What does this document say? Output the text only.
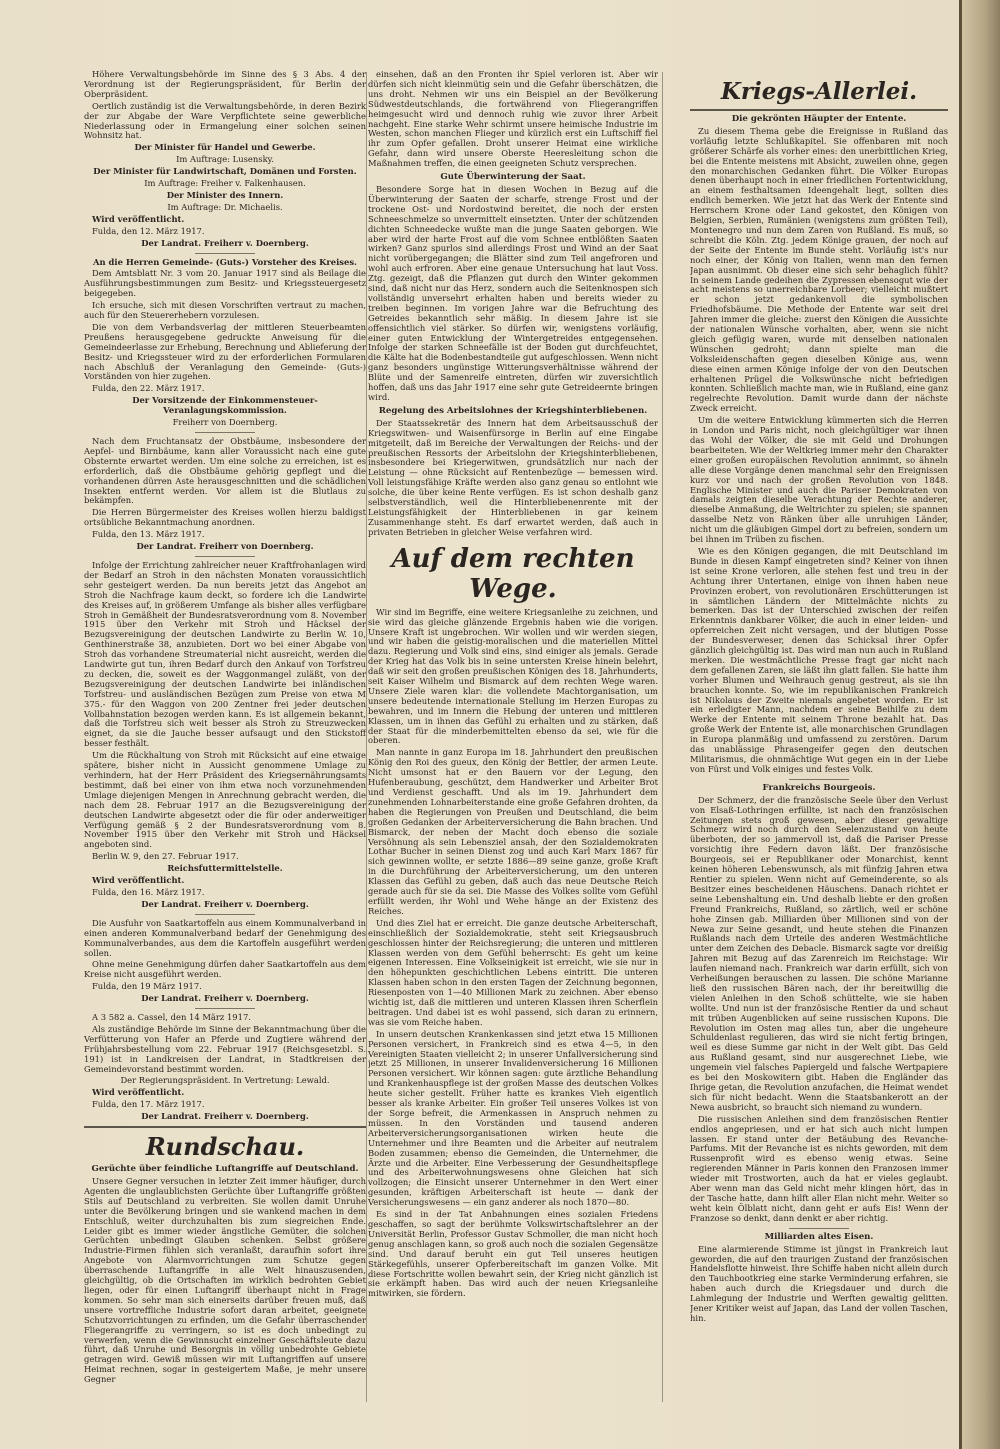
Höhere Verwaltungsbehörde im Sinne des § 3 Abs. 4 der Verordnung ist der Regierungspräsident, für Berlin der Oberpräsident.

Oertlich zuständig ist die Verwaltungsbehörde, in deren Bezirk der zur Abgabe der Ware Verpflichtete seine gewerbliche Niederlassung oder in Ermangelung einer solchen seinen Wohnsitz hat.

Der Minister für Handel und Gewerbe.

Im Auftrage: Lusensky.

Der Minister für Landwirtschaft, Domänen und Forsten.

Im Auftrage: Freiher v. Falkenhausen.

Der Minister des Innern.

Im Auftrage: Dr. Michaelis.

Wird veröffentlicht.

Fulda, den 12. März 1917.

Der Landrat. Freiherr v. Doernberg.

An die Herren Gemeinde- (Guts-) Vorsteher des Kreises.

Dem Amtsblatt Nr. 3 vom 20. Januar 1917 sind als Beilage die Ausführungsbestimmungen zum Besitz- und Kriegssteuergesetz beigegeben.

Ich ersuche, sich mit diesen Vorschriften vertraut zu machen, auch für den Steuererhebern vorzulesen.

Die von dem Verbandsverlag der mittleren Steuerbeamten Preußens herausgegebene gedruckte Anweisung für die Gemeindeerlasse zur Erhebung, Berechnung und Ablieferung der Besitz- und Kriegssteuer wird zu der erforderlichen Formularen nach Abschluß der Veranlagung den Gemeinde- (Guts-) Vorständen von hier zugehen.

Fulda, den 22. März 1917.

Der Vorsitzende der Einkommensteuer-Veranlagungskommission.

Freiherr von Doernberg.

Nach dem Fruchtansatz der Obstbäume, insbesondere der Aepfel- und Birnbäume, kann aller Voraussicht nach eine gute Obsternte erwartet werden. Um eine solche zu erreichen, ist es erforderlich, daß die Obstbäume gehörig gepflegt und die vorhandenen dürren Aste herausgeschnitten und die schädlichen Insekten entfernt werden. Vor allem ist die Blutlaus zu bekämpfen.

Die Herren Bürgermeister des Kreises wollen hierzu baldigst ortsübliche Bekanntmachung anordnen.

Fulda, den 13. März 1917.

Der Landrat. Freiherr von Doernberg.

Infolge der Errichtung zahlreicher neuer Kraftfrohanlagen wird der Bedarf an Stroh in den nächsten Monaten voraussichtlich sehr gesteigert werden. Da nun bereits jetzt das Angebot an Stroh die Nachfrage kaum deckt, so fordere ich die Landwirte des Kreises auf, in größerem Umfange als bisher alles verfügbare Stroh in Gemäßheit der Bundesratsverordnung vom 8. November 1915 über den Verkehr mit Stroh und Häcksel der Bezugsvereinigung der deutschen Landwirte zu Berlin W. 10, Genthinerstraße 38, anzubieten. Dort wo bei einer Abgabe von Stroh das vorhandene Streumaterial nicht ausreicht, werden die Landwirte gut tun, ihren Bedarf durch den Ankauf von Torfstreu zu decken, die, soweit es der Waggonmangel zuläßt, von der Bezugsvereinigung der deutschen Landwirte bei inländischen Torfstreu- und ausländischen Bezügen zum Preise von etwa M 375.- für den Waggon von 200 Zentner frei jeder deutschen Vollbahnstation bezogen werden kann. Es ist allgemein bekannt, daß die Torfstreu sich weit besser als Stroh zu Streuzwecken eignet, da sie die Jauche besser aufsaugt und den Stickstoff besser festhält.

Um die Rückhaltung von Stroh mit Rücksicht auf eine etwaige spätere, bisher nicht in Aussicht genommene Umlage zu verhindern, hat der Herr Präsident des Kriegsernährungsamts bestimmt, daß bei einer von ihm etwa noch vorzunehmenden Umlage diejenigen Mengen in Anrechnung gebracht werden, die nach dem 28. Februar 1917 an die Bezugsvereinigung der deutschen Landwirte abgesetzt oder die für oder anderweitiger Verfügung gemäß § 2 der Bundesratsverordnung vom 8. November 1915 über den Verkehr mit Stroh und Häcksel angeboten sind.

Berlin W. 9, den 27. Februar 1917.

Reichsfuttermittelstelle.

Wird veröffentlicht.

Fulda, den 16. März 1917.

Der Landrat. Freiherr v. Doernberg.

Die Ausfuhr von Saatkartoffeln aus einem Kommunalverband in einen anderen Kommunalverband bedarf der Genehmigung des Kommunalverbandes, aus dem die Kartoffeln ausgeführt werden sollen.

Ohne meine Genehmigung dürfen daher Saatkartoffeln aus dem Kreise nicht ausgeführt werden.

Fulda, den 19 März 1917.

Der Landrat. Freiherr v. Doernberg.

A 3 582 a. Cassel, den 14 März 1917.

Als zuständige Behörde im Sinne der Bekanntmachung über die Verfütterung von Hafer an Pferde und Zugtiere während der Frühjahrsbestellung vom 22. Februar 1917 (Reichsgesetzbl. S. 191) ist in Landkreisen der Landrat, in Stadtkreisen der Gemeindevorstand bestimmt worden.

Der Regierungspräsident. In Vertretung: Lewald.

Wird veröffentlicht.

Fulda, den 17. März 1917.

Der Landrat. Freiherr v. Doernberg.

Rundschau.

Gerüchte über feindliche Luftangriffe auf Deutschland.

Unsere Gegner versuchen in letzter Zeit immer häufiger, durch Agenten die unglaublichsten Gerüchte über Luftangriffe größten Stils auf Deutschland zu verbreiten. Sie wollen damit Unruhe unter die Bevölkerung bringen und sie wankend machen in dem Entschluß, weiter durchzuhalten bis zum siegreichen Ende. Leider gibt es immer wieder ängstliche Gemüter, die solchen Gerüchten unbedingt Glauben schenken. Selbst größere Industrie-Firmen fühlen sich veranlaßt, daraufhin sofort ihre Angebote von Alarmvorrichtungen zum Schutze gegen überraschende Luftangriffe in alle Welt hinauszusenden, gleichgültig, ob die Ortschaften im wirklich bedrohten Gebiet liegen, oder für einen Luftangriff überhaupt nicht in Frage kommen. So sehr man sich einerseits darüber freuen muß, daß unsere vortreffliche Industrie sofort daran arbeitet, geeignete Schutzvorrichtungen zu erfinden, um die Gefahr überraschender Fliegerangriffe zu verringern, so ist es doch unbedingt zu verwerfen, wenn die Gewinnsucht einzelner Geschäftsleute dazu führt, daß Unruhe und Besorgnis in völlig unbedrohte Gebiete getragen wird. Gewiß müssen wir mit Luftangriffen auf unsere Heimat rechnen, sogar in gesteigertem Maße, je mehr unsere Gegner

einsehen, daß an den Fronten ihr Spiel verloren ist. Aber wir dürfen sich nicht kleinmütig sein und die Gefahr überschätzen, die uns droht. Nehmen wir uns ein Beispiel an der Bevölkerung Südwestdeutschlands, die fortwährend von Fliegerangriffen heimgesucht wird und dennoch ruhig wie zuvor ihrer Arbeit nachgeht. Eine starke Wehr schirmt unsere heimische Industrie im Westen, schon manchen Flieger und kürzlich erst ein Luftschiff fiel ihr zum Opfer gefallen. Droht unserer Heimat eine wirkliche Gefahr, dann wird unsere Oberste Heeresleitung schon die Maßnahmen treffen, die einen geeigneten Schutz versprechen.

Gute Überwinterung der Saat.

Besondere Sorge hat in diesen Wochen in Bezug auf die Überwinterung der Saaten der scharfe, strenge Frost und der trockene Ost- und Nordostwind bereitet, die noch der ersten Schneeschmelze so unvermittelt einsetzten. Unter der schützenden dichten Schneedecke wußte man die junge Saaten geborgen. Wie aber wird der harte Frost auf die vom Schnee entblößten Saaten wirken? Ganz spurlos sind allerdings Frost und Wind an der Saat nicht vorübergegangen; die Blätter sind zum Teil angefroren und wohl auch erfroren. Aber eine genaue Untersuchung hat laut Voss. Ztg. gezeigt, daß die Pflanzen gut durch den Winter gekommen sind, daß nicht nur das Herz, sondern auch die Seitenknospen sich vollständig unversehrt erhalten haben und bereits wieder zu treiben beginnen. Im vorigen Jahre war die Befruchtung des Getreides bekanntlich sehr mäßig. In diesem Jahre ist sie offensichtlich viel stärker. So dürfen wir, wenigstens vorläufig, einer guten Entwicklung der Wintergetreides entgegensehen. Infolge der starken Schneefälle ist der Boden gut durchfeuchtet, die Kälte hat die Bodenbestandteile gut aufgeschlossen. Wenn nicht ganz besonders ungünstige Witterungsverhältnisse während der Blüte und der Samenreife eintreten, dürfen wir zuversichtlich hoffen, daß uns das Jahr 1917 eine sehr gute Getreideernte bringen wird.

Regelung des Arbeitslohnes der Kriegshinterbliebenen.

Der Staatssekretär des Innern hat dem Arbeitsausschuß der Kriegswitwen- und Waisenfürsorge in Berlin auf eine Eingabe mitgeteilt, daß im Bereiche der Verwaltungen der Reichs- und der preußischen Ressorts der Arbeitslohn der Kriegshinterbliebenen, insbesondere bei Kriegerwitwen, grundsätzlich nur nach der Leistung — ohne Rücksicht auf Rentenbezüge — bemessen wird. Voll leistungsfähige Kräfte werden also ganz genau so entlohnt wie solche, die über keine Rente verfügen. Es ist schon deshalb ganz selbstverständlich, weil die Hinterbliebenenrente mit der Leistungsfähigkeit der Hinterbliebenen in gar keinem Zusammenhange steht. Es darf erwartet werden, daß auch in privaten Betrieben in gleicher Weise verfahren wird.

Auf dem rechten Wege.

Wir sind im Begriffe, eine weitere Kriegsanleihe zu zeichnen, und sie wird das gleiche glänzende Ergebnis haben wie die vorigen. Unsere Kraft ist ungebrochen. Wir wollen und wir werden siegen, und wir haben die geistig-moralischen und die materiellen Mittel dazu. Regierung und Volk sind eins, sind einiger als jemals. Gerade der Krieg hat das Volk bis in seine untersten Kreise hinein belehrt, daß wir seit den großen preußischen Königen des 18. Jahrhunderts, seit Kaiser Wilhelm und Bismarck auf dem rechten Wege waren. Unsere Ziele waren klar: die vollendete Machtorganisation, um unsere bedeutende internationale Stellung im Herzen Europas zu bewahren, und im Innern die Hebung der unteren und mittleren Klassen, um in ihnen das Gefühl zu erhalten und zu stärken, daß der Staat für die minderbemittelten ebenso da sei, wie für die oberen.

Man nannte in ganz Europa im 18. Jahrhundert den preußischen König den Roi des gueux, den König der Bettler, der armen Leute. Nicht umsonst hat er den Bauern vor der Legung, den Hufenberaubung, geschützt, dem Handwerker und Arbeiter Brot und Verdienst geschafft. Und als im 19. Jahrhundert dem zunehmenden Lohnarbeiterstande eine große Gefahren drohten, da haben die Regierungen von Preußen und Deutschland, die beim großen Gedanken der Arbeiterversicherung die Bahn brachen. Und Bismarck, der neben der Macht doch ebenso die soziale Versöhnung als sein Lebensziel ansah, der den Sozialdemokraten Lothar Bucher in seinen Dienst zog und auch Karl Marx 1867 für sich gewinnen wollte, er setzte 1886—89 seine ganze, große Kraft in die Durchführung der Arbeiterversicherung, um den unteren Klassen das Gefühl zu geben, daß auch das neue Deutsche Reich gerade auch für sie da sei. Die Masse des Volkes sollte vom Gefühl erfüllt werden, ihr Wohl und Wehe hänge an der Existenz des Reiches.

Und dies Ziel hat er erreicht. Die ganze deutsche Arbeiterschaft, einschließlich der Sozialdemokratie, steht seit Kriegsausbruch geschlossen hinter der Reichsregierung; die unteren und mittleren Klassen werden von dem Gefühl beherrscht: Es geht um keine eigenen Interessen. Eine Volkseinigkeit ist erreicht, wie sie nur in den höhepunkten geschichtlichen Lebens eintritt. Die unteren Klassen haben schon in den ersten Tagen der Zeichnung begonnen, Riesenposten von 1—40 Millionen Mark zu zeichnen. Aber ebenso wichtig ist, daß die mittleren und unteren Klassen ihren Scherflein beitragen. Und dabei ist es wohl passend, sich daran zu erinnern, was sie vom Reiche haben.

In unsern deutschen Krankenkassen sind jetzt etwa 15 Millionen Personen versichert, in Frankreich sind es etwa 4—5, in den Vereinigten Staaten vielleicht 2; in unserer Unfallversicherung sind jetzt 25 Millionen, in unserer Invalidenversicherung 16 Millionen Personen versichert. Wir können sagen: gute ärztliche Behandlung und Krankenhauspflege ist der großen Masse des deutschen Volkes heute sicher gestellt. Früher hatte es krankes Vieh eigentlich besser als kranke Arbeiter. Ein großer Teil unseres Volkes ist von der Sorge befreit, die Armenkassen in Anspruch nehmen zu müssen. In den Vorständen und tausend anderen Arbeiterversicherungsorganisationen wirken heute die Unternehmer und ihre Beamten und die Arbeiter auf neutralem Boden zusammen; ebenso die Gemeinden, die Unternehmer, die Ärzte und die Arbeiter. Eine Verbesserung der Gesundheitspflege und des Arbeiterwohnungswesens ohne Gleichen hat sich vollzogen; die Einsicht unserer Unternehmer in den Wert einer gesunden, kräftigen Arbeiterschaft ist heute — dank der Versicherungswesens — ein ganz anderer als noch 1870—80.

Es sind in der Tat Anbahnungen eines sozialen Friedens geschaffen, so sagt der berühmte Volkswirtschaftslehrer an der Universität Berlin, Professor Gustav Schmoller, die man nicht hoch genug anschlagen kann, so groß auch noch die sozialen Gegensätze sind. Und darauf beruht ein gut Teil unseres heutigen Stärkegefühls, unserer Opferbereitschaft im ganzen Volke. Mit diese Fortschritte wollen bewahrt sein, der Krieg nicht gänzlich ist sie erkämpft haben. Das wird auch der neuen Kriegsanleihe mitwirken, sie fördern.

Kriegs-Allerlei.

Die gekrönten Häupter der Entente.

Zu diesem Thema gebe die Ereignisse in Rußland das vorläufig letzte Schlußkapitel. Sie offenbaren mit noch größerer Schärfe als vorher eines: den unerbittlichen Krieg, bei die Entente meistens mit Absicht, zuweilen ohne, gegen den monarchischen Gedanken führt. Die Völker Europas denen überhaupt noch in einer friedlichen Fortentwicklung, an einem festhaltsamen Ideengehalt liegt, sollten dies endlich bemerken. Wie jetzt hat das Werk der Entente sind Herrschern Krone oder Land gekostet, den Königen von Belgien, Serbien, Rumänien (wenigstens zum größten Teil), Montenegro und nun dem Zaren von Rußland. Es muß, so schreibt die Köln. Ztg. jedem Könige grauen, der noch auf der Seite der Entente im Bunde steht. Vorläufig ist's nur noch einer, der König von Italien, wenn man den fernen Japan ausnimmt. Ob dieser eine sich sehr behaglich fühlt? In seinem Lande gedeihen die Zypressen ebensogut wie der acht meistens so unerreichbare Lorbeer; vielleicht mußtert er schon jetzt gedankenvoll die symbolischen Friedhofsbäume. Die Methode der Entente war seit drei Jahren immer die gleiche: zuerst den Königen die Aussichte der nationalen Wünsche vorhalten, aber, wenn sie nicht gleich gefügig waren, wurde mit denselben nationalen Wünschen gedroht; dann spielte man die Volksleidenschaften gegen dieselben Könige aus, wenn diese einen armen Könige infolge der von den Deutschen erhaltenen Prügel die Volkswünsche nicht befriedigen konnten. Schließlich machte man, wie in Rußland, eine ganz regelrechte Revolution. Damit wurde dann der nächste Zweck erreicht.

Um die weitere Entwicklung kümmerten sich die Herren in London und Paris nicht, noch gleichgültiger war ihnen das Wohl der Völker, die sie mit Geld und Drohungen bearbeiteten. Wie der Weltkrieg immer mehr den Charakter einer großen europäischen Revolution annimmt, so ähneln alle diese Vorgänge denen manchmal sehr den Ereignissen kurz vor und nach der großen Revolution von 1848. Englische Minister und auch die Pariser Demokraten von damals zeigten dieselbe Verachtung der Rechte anderer, dieselbe Anmaßung, die Weltrichter zu spielen; sie spannen dasselbe Netz von Ränken über alle unruhigen Länder, nicht um die gläubigen Gimpel dort zu befreien, sondern um bei ihnen im Trüben zu fischen.

Wie es den Königen gegangen, die mit Deutschland im Bunde in diesen Kampf eingetreten sind? Keiner von ihnen ist seine Krone verloren, alle stehen fest und treu in der Achtung ihrer Untertanen, einige von ihnen haben neue Provinzen erobert, von revolutionären Erschütterungen ist in sämtlichen Ländern der Mittelmächte nichts zu bemerken. Das ist der Unterschied zwischen der reifen Erkenntnis dankbarer Völker, die auch in einer leiden- und opferreichen Zeit nicht versagen, und der blutigen Posse der Bundesverweser, denen das Schicksal ihrer Opfer gänzlich gleichgültig ist. Das wird man nun auch in Rußland merken. Die westmächtliche Presse fragt gar nicht nach dem gefallenen Zaren, sie läßt ihn glatt fallen. Sie hatte ihm vorher Blumen und Weihrauch genug gestreut, als sie ihn brauchen konnte. So, wie im republikanischen Frankreich ist Nikolaus der Zweite niemals angebetet worden. Er ist ein erledigter Mann, nachdem er seine Beihilfe zu dem Werke der Entente mit seinem Throne bezahlt hat. Das große Werk der Entente ist, alle monarchischen Grundlagen in Europa planmäßig und umfassend zu zerstören. Darum das unablässige Phrasengeifer gegen den deutschen Militarismus, die ohnmächtige Wut gegen ein in der Liebe von Fürst und Volk einiges und festes Volk.

Frankreichs Bourgeois.

Der Schmerz, der die französische Seele über den Verlust von Elsaß-Lothringen erfüllte, ist nach den französischen Zeitungen stets groß gewesen, aber dieser gewaltige Schmerz wird noch durch den Seelenzustand von heute überboten, der so jammervoll ist, daß die Pariser Presse vorsichtig ihre Federn davon läßt. Der französische Bourgeois, sei er Republikaner oder Monarchist, kennt keinen höheren Lebenswunsch, als mit fünfzig Jahren etwa Rentier zu spielen. Wenn nicht auf Gemeinderente, so als Besitzer eines bescheidenen Häuschens. Danach richtet er seine Lebenshaltung ein. Und deshalb liebte er den großen Freund Frankreichs, Rußland, so zärtlich, weil er schöne hohe Zinsen gab. Milliarden über Millionen sind von der Newa zur Seine gesandt, und heute stehen die Finanzen Rußlands nach dem Urteile des anderen Westmächtliche unter dem Zeichen des Debacle. Bismarck sagte vor dreißig Jahren mit Bezug auf das Zarenreich im Reichstage: Wir laufen niemand nach. Frankreich war darin erfüllt, sich von Verheißungen berauschen zu lassen. Die schöne Marianne ließ den russischen Bären nach, der ihr bereitwillig die vielen Anleihen in den Schoß schüttelte, wie sie haben wollte. Und nun ist der französische Rentier da und schaut mit trüben Augenblicken auf seine russischen Kupons. Die Revolution im Osten mag alles tun, aber die ungeheure Schuldenlast regulieren, das wird sie nicht fertig bringen, weil es diese Summe gar nicht in der Welt gibt. Das Geld aus Rußland gesamt, sind nur ausgerechnet Liebe, wie ungemein viel falsches Papiergeld und falsche Wertpapiere es bei den Moskowitern gibt. Haben die Engländer das Ihrige getan, die Revolution anzufachen, die Heimat wendet sich für nicht bedacht. Wenn die Staatsbankerott an der Newa ausbricht, so braucht sich niemand zu wundern.

Die russischen Anleihen sind dem französischen Rentier endlos angepriesen, und er hat sich auch nicht lumpen lassen. Er stand unter der Betäubung des Revanche-Parfums. Mit der Revanche ist es nichts geworden, mit dem Russenprofit wird es ebenso wenig etwas. Seine regierenden Männer in Paris konnen den Franzosen immer wieder mit Trostworten, auch da hat er vieles geglaubt. Aber wenn man das Geld nicht mehr klingen hört, das in der Tasche hatte, dann hilft aller Elan nicht mehr. Weiter so weht kein Ölblatt nicht, dann geht er aufs Eis! Wenn der Franzose so denkt, dann denkt er aber richtig.

Milliarden altes Eisen.

Eine alarmierende Stimme ist jüngst in Frankreich laut geworden, die auf den traurigen Zustand der französischen Handelsflotte hinweist. Ihre Schiffe haben nicht allein durch den Tauchbootkrieg eine starke Verminderung erfahren, sie haben auch durch die Kriegsdauer und durch die Lahmlegung der Industrie und Werften gewaltig gelitten. Jener Kritiker weist auf Japan, das Land der vollen Taschen, hin.
